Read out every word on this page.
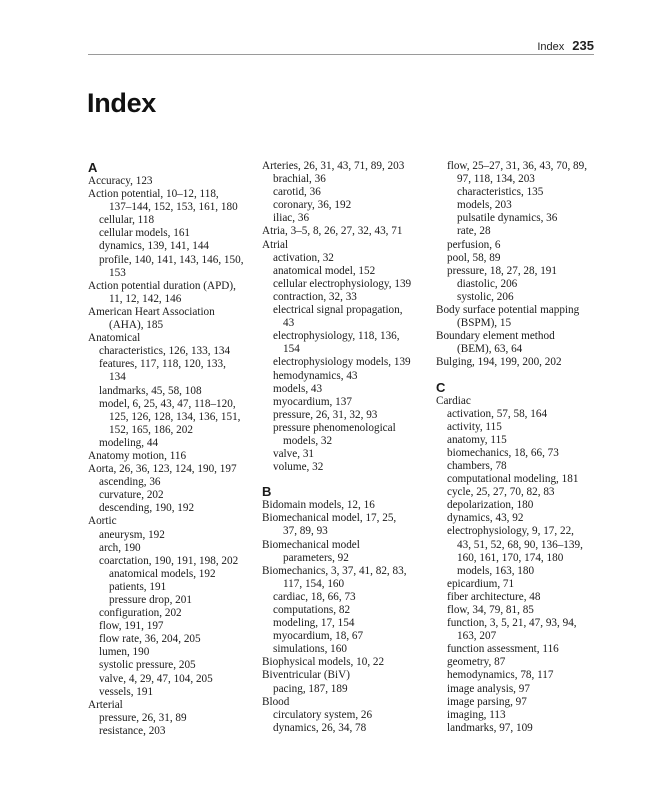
Index 235
Index
A
Accuracy, 123
Action potential, 10–12, 118,
137–144, 152, 153, 161, 180
cellular, 118
cellular models, 161
dynamics, 139, 141, 144
profile, 140, 141, 143, 146, 150,
153
Action potential duration (APD),
11, 12, 142, 146
American Heart Association
(AHA), 185
Anatomical
characteristics, 126, 133, 134
features, 117, 118, 120, 133,
134
landmarks, 45, 58, 108
model, 6, 25, 43, 47, 118–120,
125, 126, 128, 134, 136, 151,
152, 165, 186, 202
modeling, 44
Anatomy motion, 116
Aorta, 26, 36, 123, 124, 190, 197
ascending, 36
curvature, 202
descending, 190, 192
Aortic
aneurysm, 192
arch, 190
coarctation, 190, 191, 198, 202
anatomical models, 192
patients, 191
pressure drop, 201
configuration, 202
flow, 191, 197
flow rate, 36, 204, 205
lumen, 190
systolic pressure, 205
valve, 4, 29, 47, 104, 205
vessels, 191
Arterial
pressure, 26, 31, 89
resistance, 203
Arteries, 26, 31, 43, 71, 89, 203
brachial, 36
carotid, 36
coronary, 36, 192
iliac, 36
Atria, 3–5, 8, 26, 27, 32, 43, 71
Atrial
activation, 32
anatomical model, 152
cellular electrophysiology, 139
contraction, 32, 33
electrical signal propagation,
43
electrophysiology, 118, 136,
154
electrophysiology models, 139
hemodynamics, 43
models, 43
myocardium, 137
pressure, 26, 31, 32, 93
pressure phenomenological
models, 32
valve, 31
volume, 32
B
Bidomain models, 12, 16
Biomechanical model, 17, 25,
37, 89, 93
Biomechanical model
parameters, 92
Biomechanics, 3, 37, 41, 82, 83,
117, 154, 160
cardiac, 18, 66, 73
computations, 82
modeling, 17, 154
myocardium, 18, 67
simulations, 160
Biophysical models, 10, 22
Biventricular (BiV)
pacing, 187, 189
Blood
circulatory system, 26
dynamics, 26, 34, 78
flow, 25–27, 31, 36, 43, 70, 89,
97, 118, 134, 203
characteristics, 135
models, 203
pulsatile dynamics, 36
rate, 28
perfusion, 6
pool, 58, 89
pressure, 18, 27, 28, 191
diastolic, 206
systolic, 206
Body surface potential mapping
(BSPM), 15
Boundary element method
(BEM), 63, 64
Bulging, 194, 199, 200, 202
C
Cardiac
activation, 57, 58, 164
activity, 115
anatomy, 115
biomechanics, 18, 66, 73
chambers, 78
computational modeling, 181
cycle, 25, 27, 70, 82, 83
depolarization, 180
dynamics, 43, 92
electrophysiology, 9, 17, 22,
43, 51, 52, 68, 90, 136–139,
160, 161, 170, 174, 180
models, 163, 180
epicardium, 71
fiber architecture, 48
flow, 34, 79, 81, 85
function, 3, 5, 21, 47, 93, 94,
163, 207
function assessment, 116
geometry, 87
hemodynamics, 78, 117
image analysis, 97
image parsing, 97
imaging, 113
landmarks, 97, 109
